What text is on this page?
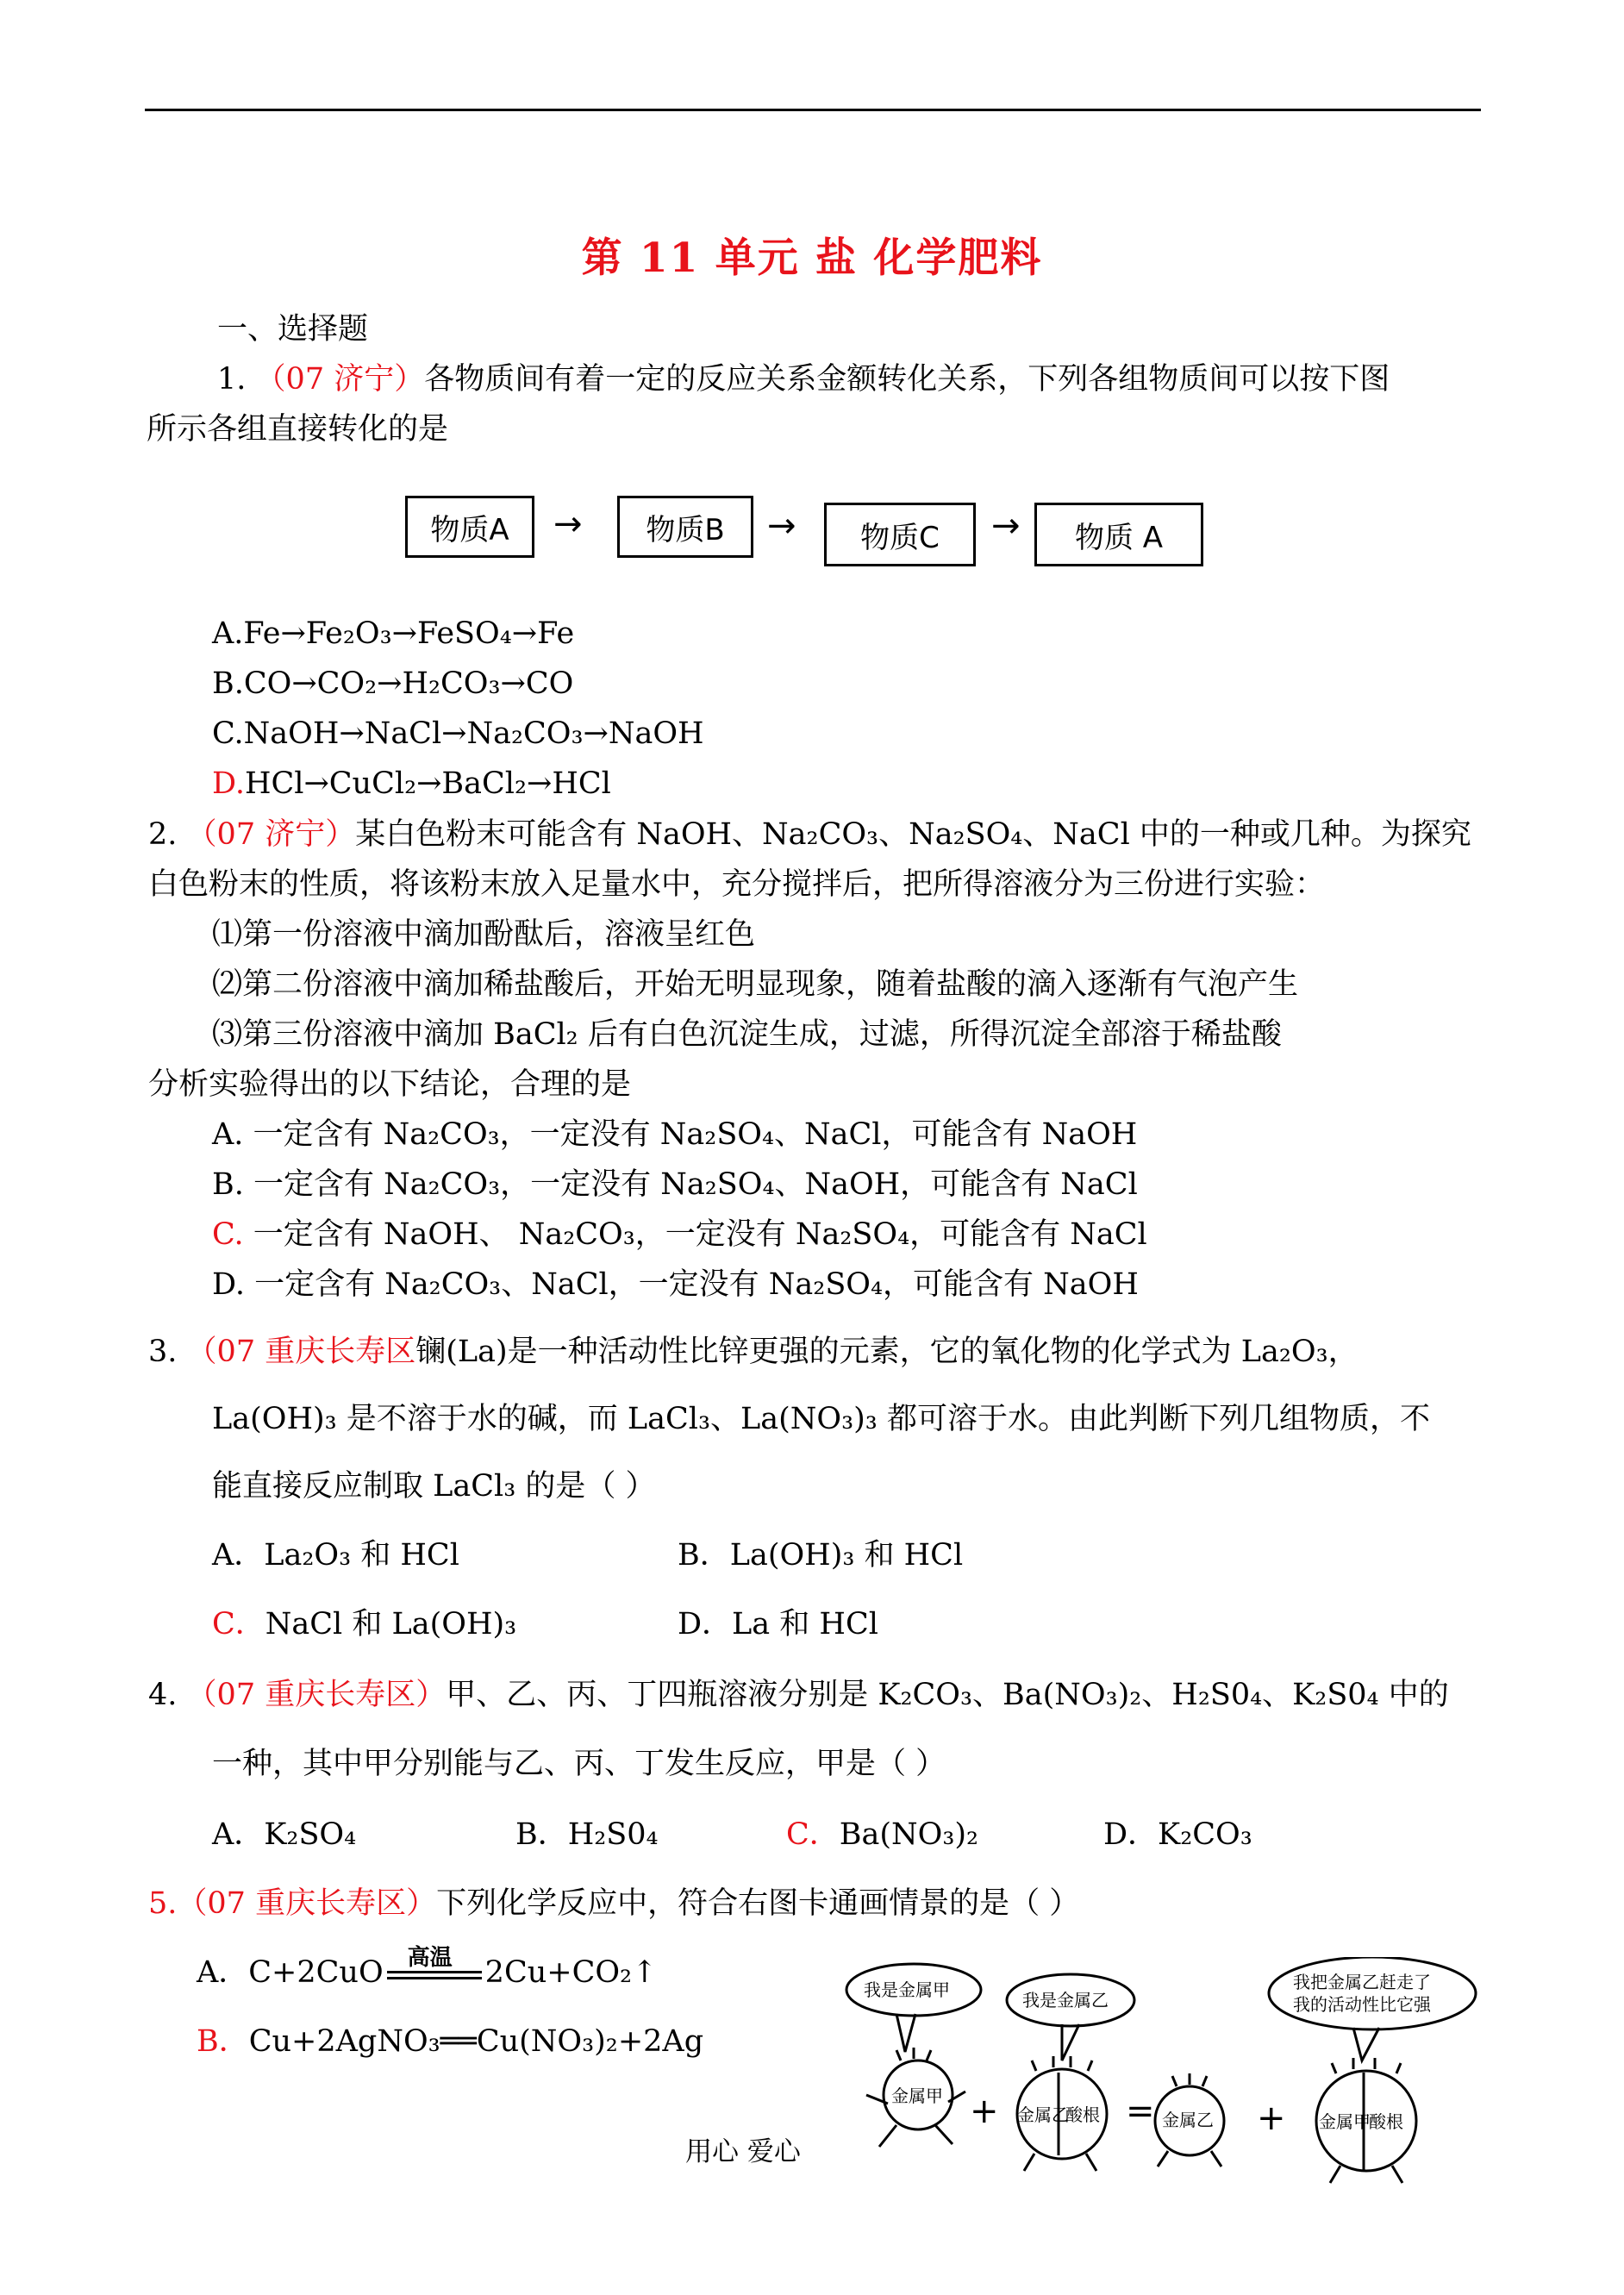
第 11 单元 盐 化学肥料
一、选择题
1. （07 济宁）各物质间有着一定的反应关系金额转化关系，下列各组物质间可以按下图
所示各组直接转化的是
物质A	→	物质B	→	物质C	→	物质 A
A.Fe→Fe₂O₃→FeSO₄→Fe
B.CO→CO₂→H₂CO₃→CO
C.NaOH→NaCl→Na₂CO₃→NaOH
D.HCl→CuCl₂→BaCl₂→HCl
2. （07 济宁）某白色粉末可能含有 NaOH、Na₂CO₃、Na₂SO₄、NaCl 中的一种或几种。为探究
白色粉末的性质，将该粉末放入足量水中，充分搅拌后，把所得溶液分为三份进行实验：
⑴第一份溶液中滴加酚酞后，溶液呈红色
⑵第二份溶液中滴加稀盐酸后，开始无明显现象，随着盐酸的滴入逐渐有气泡产生
⑶第三份溶液中滴加 BaCl₂ 后有白色沉淀生成，过滤，所得沉淀全部溶于稀盐酸
分析实验得出的以下结论，合理的是
A. 一定含有 Na₂CO₃，一定没有 Na₂SO₄、NaCl，可能含有 NaOH
B. 一定含有 Na₂CO₃，一定没有 Na₂SO₄、NaOH，可能含有 NaCl
C. 一定含有 NaOH、 Na₂CO₃，一定没有 Na₂SO₄，可能含有 NaCl
D. 一定含有 Na₂CO₃、NaCl，一定没有 Na₂SO₄，可能含有 NaOH
3. （07 重庆长寿区镧(La)是一种活动性比锌更强的元素，它的氧化物的化学式为 La₂O₃，
La(OH)₃ 是不溶于水的碱，而 LaCl₃、La(NO₃)₃ 都可溶于水。由此判断下列几组物质，不
能直接反应制取 LaCl₃ 的是（ ）
A．La₂O₃ 和 HCl	B．La(OH)₃ 和 HCl
C．NaCl 和 La(OH)₃	D．La 和 HCl
4. （07 重庆长寿区）甲、乙、丙、丁四瓶溶液分别是 K₂CO₃、Ba(NO₃)₂、H₂S0₄、K₂S0₄ 中的
一种，其中甲分别能与乙、丙、丁发生反应，甲是（ ）
A．K₂SO₄	B．H₂S0₄	C．Ba(NO₃)₂	D．K₂CO₃
5.（07 重庆长寿区）下列化学反应中，符合右图卡通画情景的是（ ）
A．C+2CuO 高温 2Cu+CO₂↑
B．Cu+2AgNO₃══Cu(NO₃)₂+2Ag
+	=	+
我是金属甲	我是金属乙
我把金属乙赶走了
我的活动性比它强
金属甲
金属乙
酸根	金属乙	金属甲
酸根
用心 爱心
